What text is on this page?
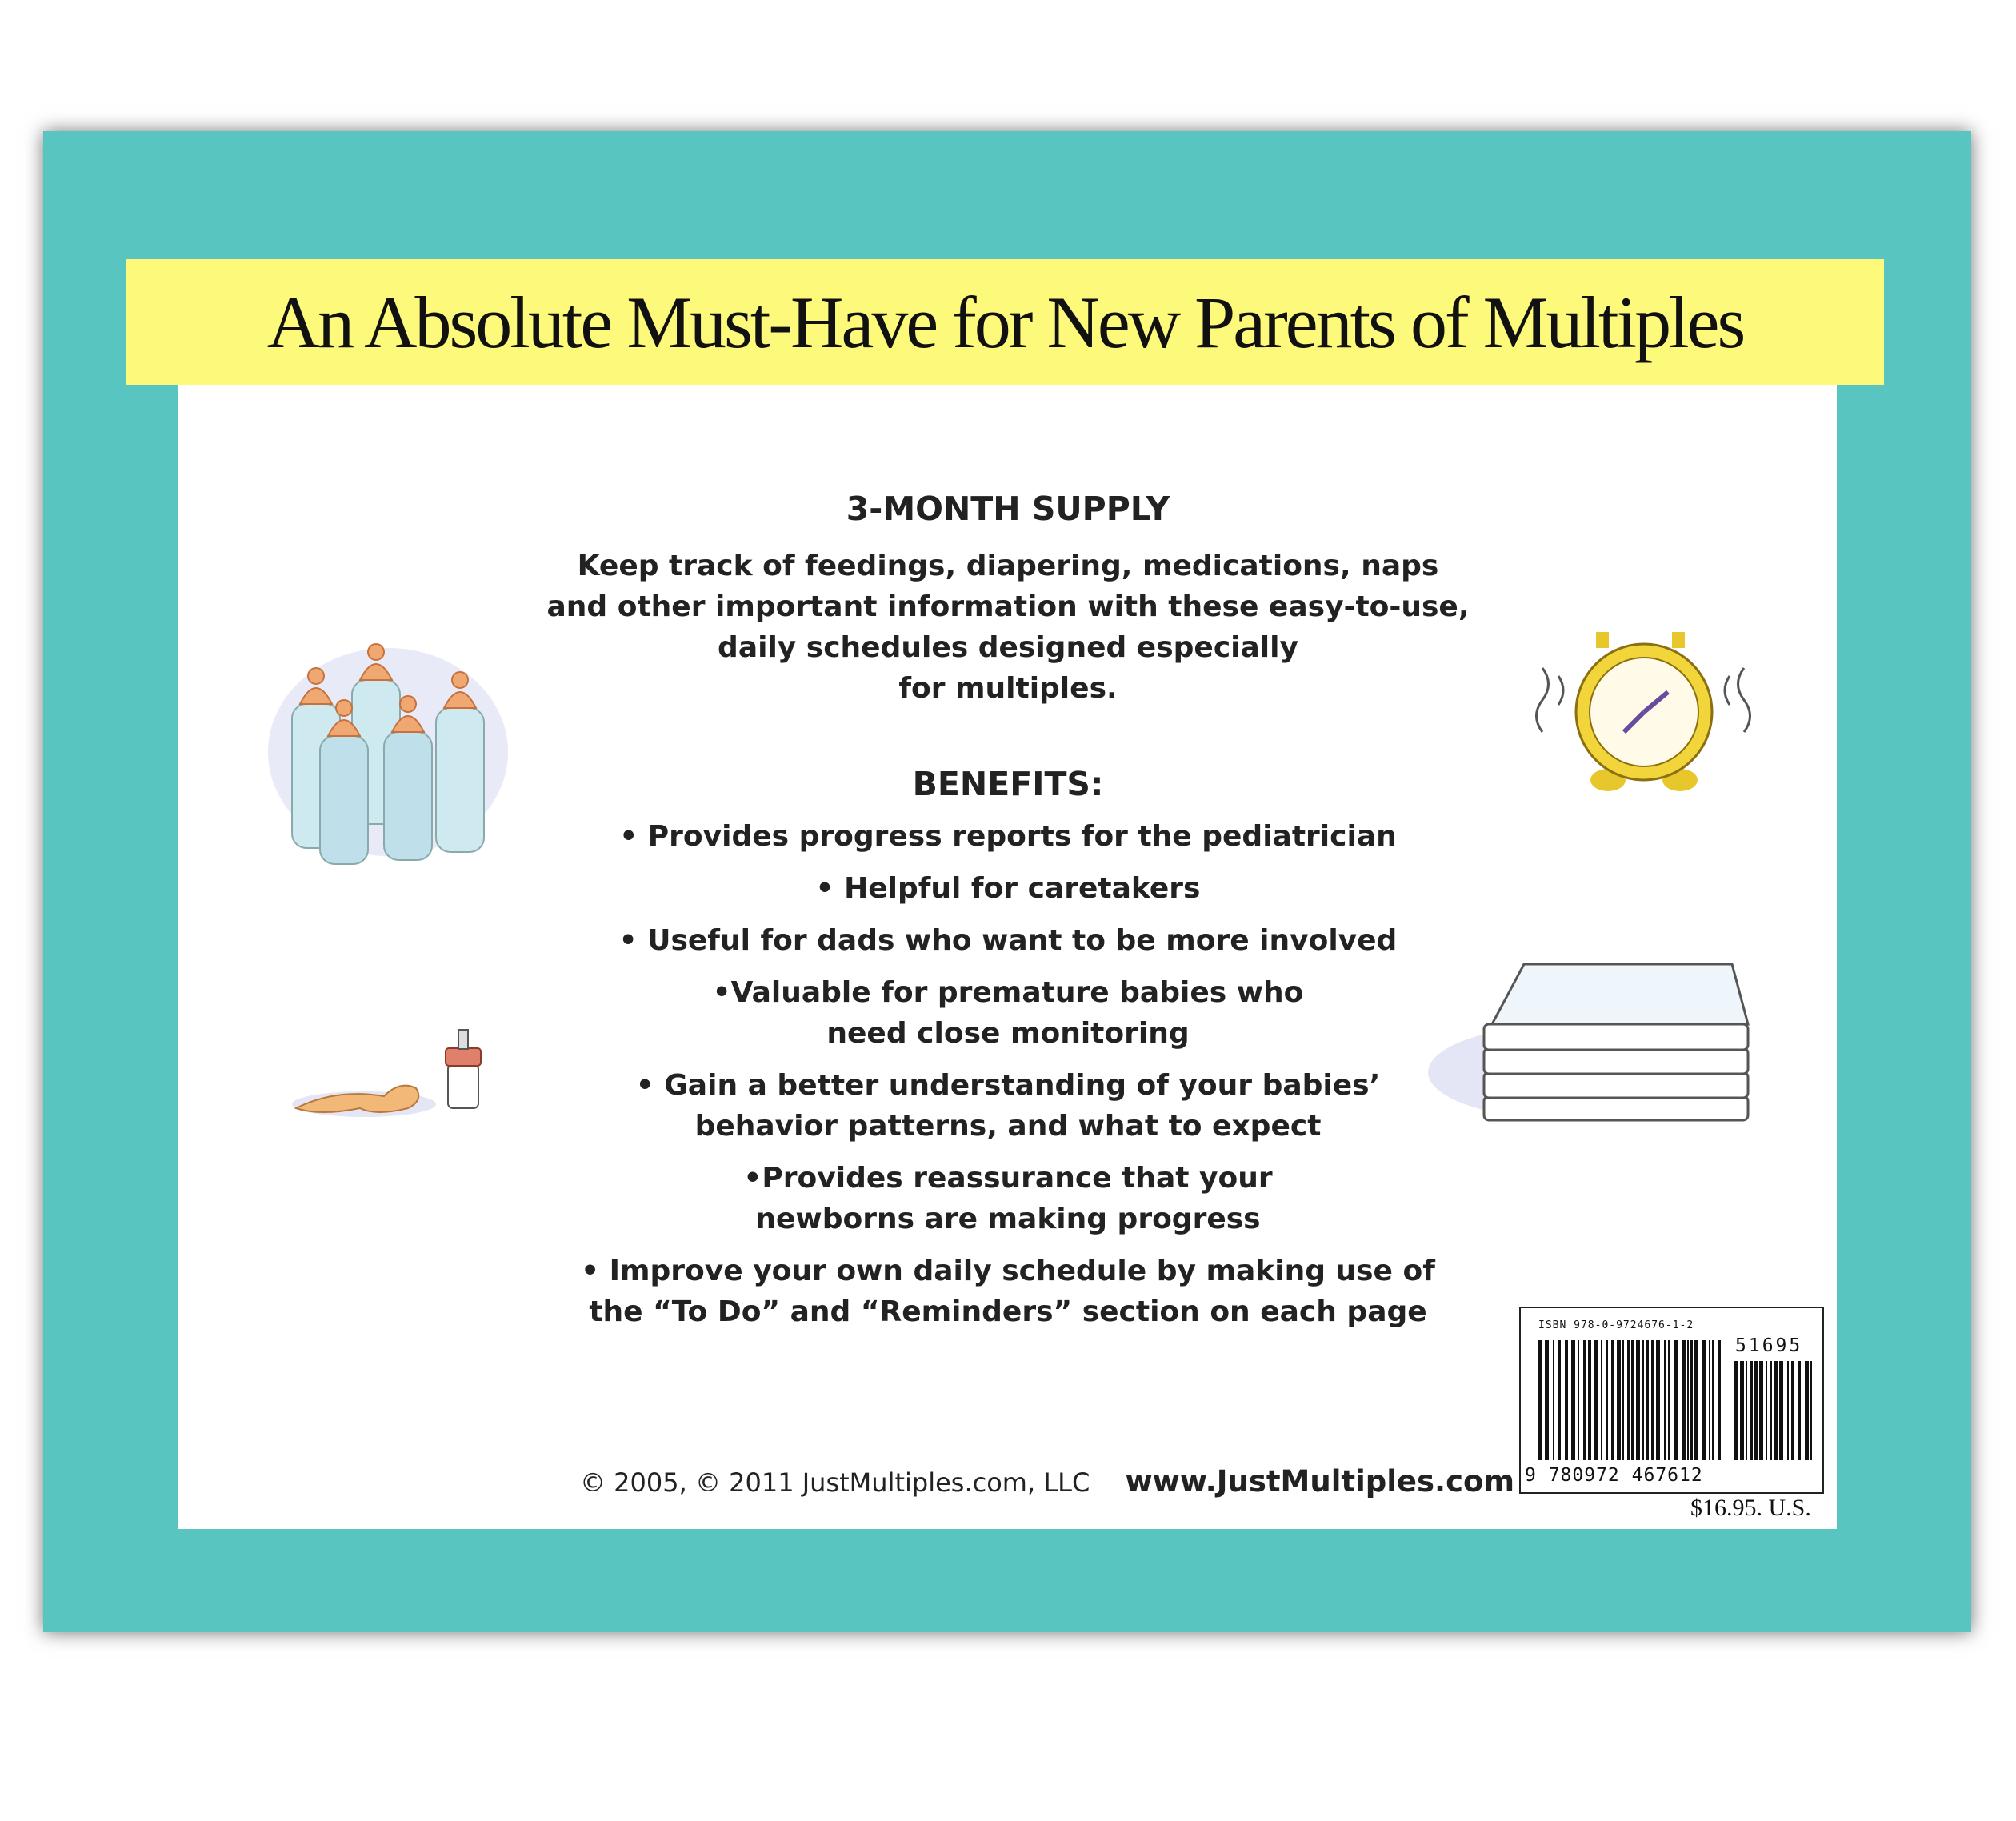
An Absolute Must-Have for New Parents of Multiples

3-MONTH SUPPLY

Keep track of feedings, diapering, medications, naps
and other important information with these easy-to-use,
daily schedules designed especially
for multiples.

BENEFITS:

• Provides progress reports for the pediatrician

• Helpful for caretakers

• Useful for dads who want to be more involved

•Valuable for premature babies who
need close monitoring

• Gain a better understanding of your babies’
behavior patterns, and what to expect

•Provides reassurance that your
newborns are making progress

• Improve your own daily schedule by making use of
the “To Do” and “Reminders” section on each page

© 2005, © 2011 JustMultiples.com, LLC www.JustMultiples.com
ISBN 978-0-9724676-1-2
51695
9 780972 467612
$16.95. U.S.
